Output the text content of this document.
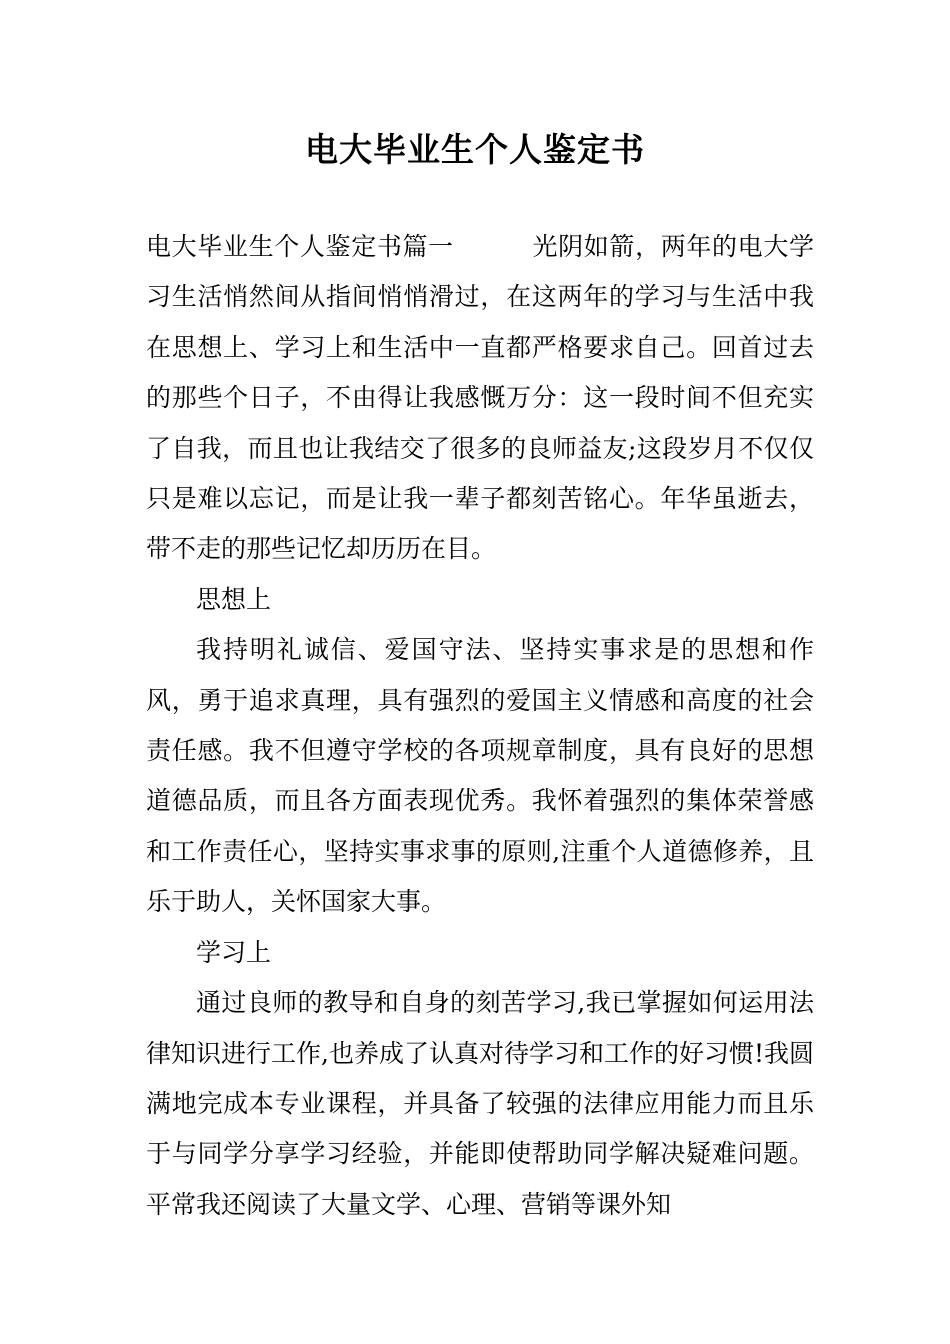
电大毕业生个人鉴定书

电大毕业生个人鉴定书篇一	光阴如箭，两年的电大学习生活悄然间从指间悄悄滑过，在这两年的学习与生活中我在思想上、学习上和生活中一直都严格要求自己。回首过去的那些个日子，不由得让我感慨万分：这一段时间不但充实了自我，而且也让我结交了很多的良师益友;这段岁月不仅仅只是难以忘记，而是让我一辈子都刻苦铭心。年华虽逝去，带不走的那些记忆却历历在目。

思想上

我持明礼诚信、爱国守法、坚持实事求是的思想和作风，勇于追求真理，具有强烈的爱国主义情感和高度的社会责任感。我不但遵守学校的各项规章制度，具有良好的思想道德品质，而且各方面表现优秀。我怀着强烈的集体荣誉感和工作责任心，坚持实事求事的原则,注重个人道德修养，且乐于助人，关怀国家大事。

学习上

通过良师的教导和自身的刻苦学习,我已掌握如何运用法律知识进行工作,也养成了认真对待学习和工作的好习惯!我圆满地完成本专业课程，并具备了较强的法律应用能力而且乐于与同学分享学习经验，并能即使帮助同学解决疑难问题。平常我还阅读了大量文学、心理、营销等课外知
